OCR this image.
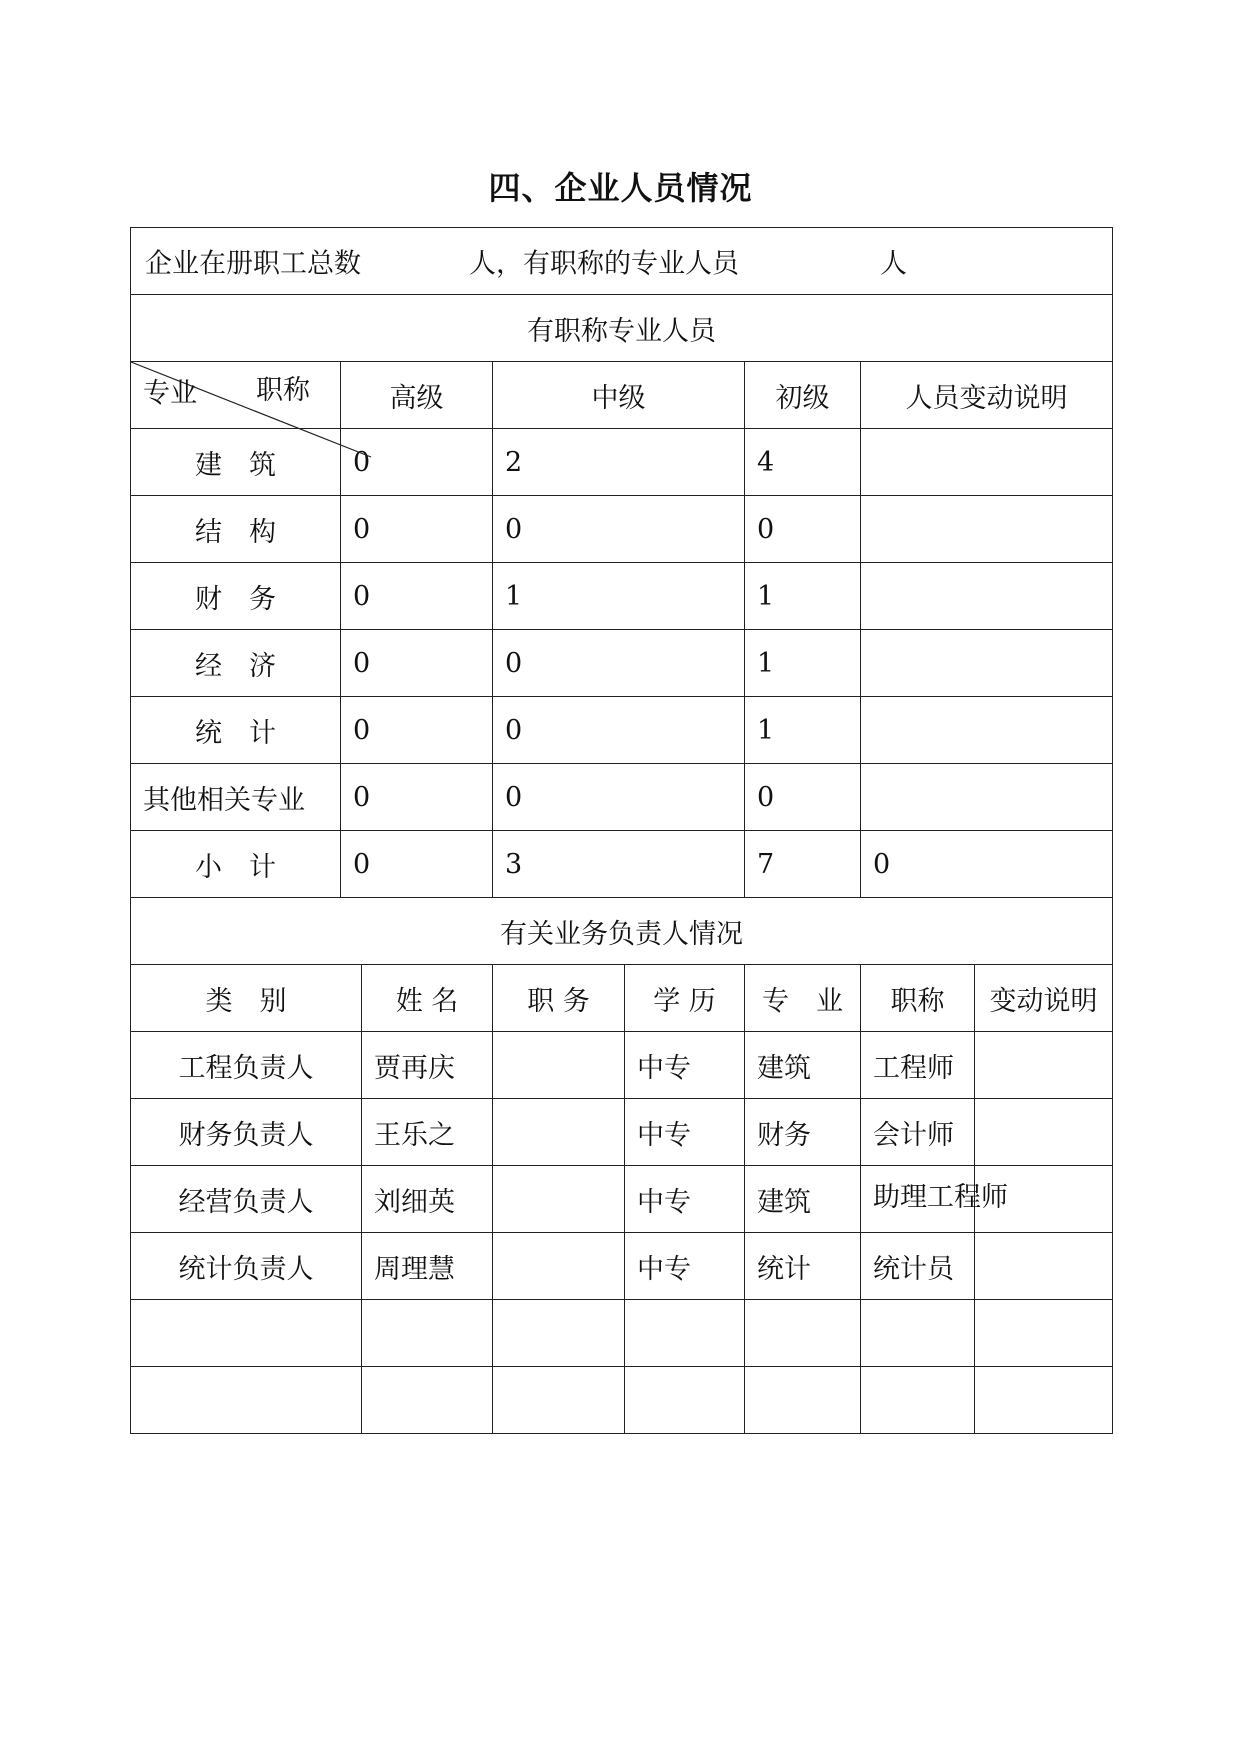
四、企业人员情况
企业在册职工总数 人，有职称的专业人员 人							

有职称专业人员							

职称
专业	高级		中级		初级	人员变动说明	
建　筑	0		2		4		
结　构	0		0		0		
财　务	0		1		1		
经　济	0		0		1		
统　计	0		0		1		
其他相关专业	0		0		0		
小　计	0		3		7	0	
有关业务负责人情况							
类　别		姓 名	职 务	学 历	专　业	职称	变动说明
工程负责人		贾再庆		中专	建筑	工程师	
财务负责人		王乐之		中专	财务	会计师	
经营负责人		刘细英		中专	建筑	助理工程师	
统计负责人		周理慧		中专	统计	统计员	
